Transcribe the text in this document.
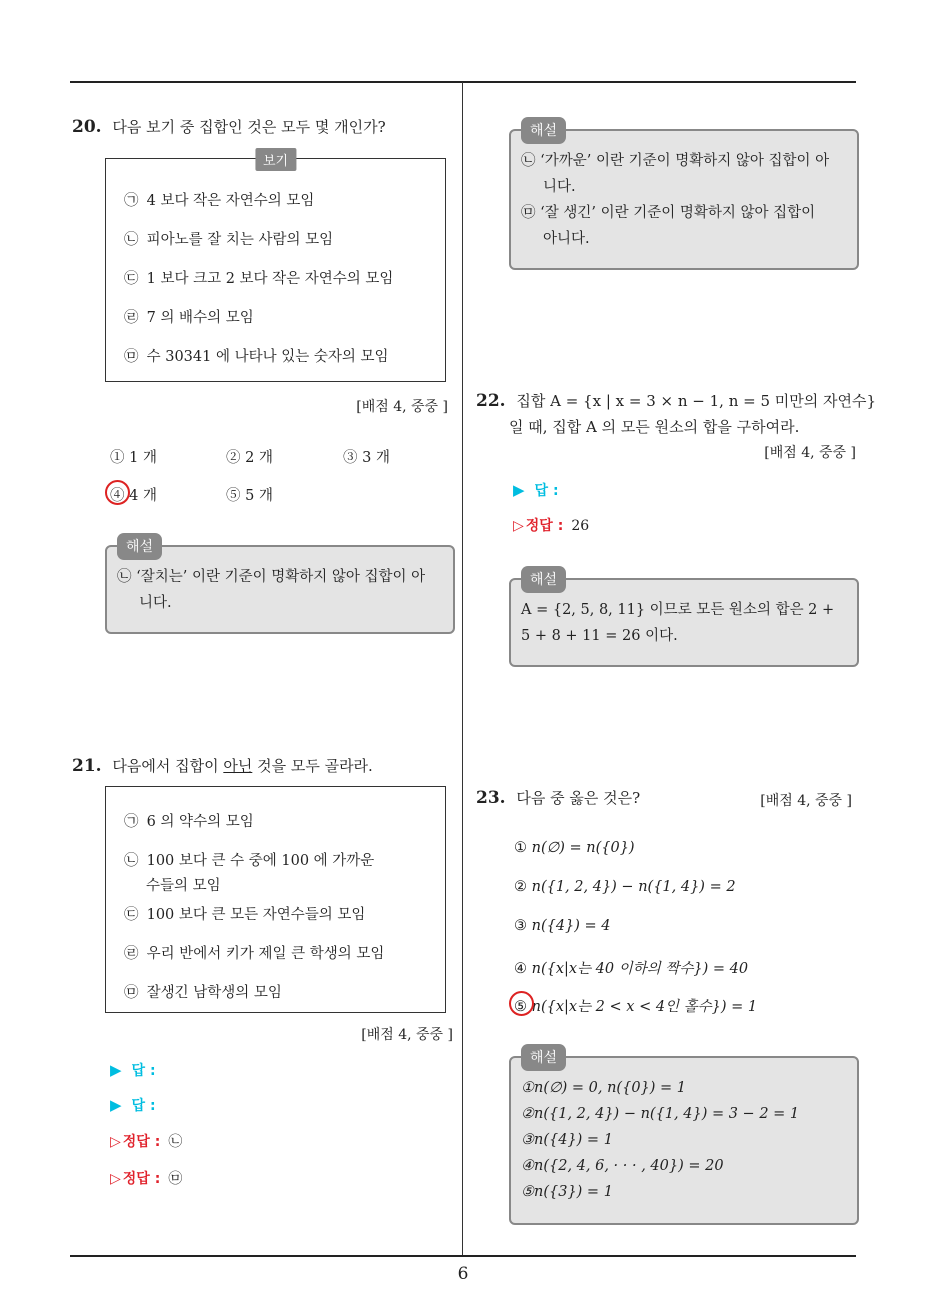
6
20. 다음 보기 중 집합인 것은 모두 몇 개인가?
보기
㉠ 4 보다 작은 자연수의 모임
㉡ 피아노를 잘 치는 사람의 모임
㉢ 1 보다 크고 2 보다 작은 자연수의 모임
㉣ 7 의 배수의 모임
㉤ 수 30341 에 나타나 있는 숫자의 모임
[배점 4, 중중 ]
① 1 개	② 2 개	③ 3 개
④ 4 개	⑤ 5 개
해설
㉡ ‘잘치는’ 이란 기준이 명확하지 않아 집합이 아
니다.
해설
㉡ ‘가까운’ 이란 기준이 명확하지 않아 집합이 아
니다.
㉤ ‘잘 생긴’ 이란 기준이 명확하지 않아 집합이
아니다.
21. 다음에서 집합이 아닌 것을 모두 골라라.
㉠ 6 의 약수의 모임
㉡ 100 보다 큰 수 중에 100 에 가까운
수들의 모임
㉢ 100 보다 큰 모든 자연수들의 모임
㉣ 우리 반에서 키가 제일 큰 학생의 모임
㉤ 잘생긴 남학생의 모임
[배점 4, 중중 ]
▶ 답 :
▶ 답 :
▷ 정답 : ㉡
▷ 정답 : ㉤
22. 집합 A = {x | x = 3 × n − 1, n = 5 미만의 자연수}
일 때, 집합 A 의 모든 원소의 합을 구하여라.
[배점 4, 중중 ]
▶ 답 :
▷ 정답 : 26
해설
A = {2, 5, 8, 11} 이므로 모든 원소의 합은 2 +
5 + 8 + 11 = 26 이다.
23. 다음 중 옳은 것은?	[배점 4, 중중 ]
① n(∅) = n({0})
② n({1, 2, 4}) − n({1, 4}) = 2
③ n({4}) = 4
④ n({x|x는 40 이하의 짝수}) = 40
⑤ n({x|x는 2 < x < 4인 홀수}) = 1
해설
①n(∅) = 0, n({0}) = 1
②n({1, 2, 4}) − n({1, 4}) = 3 − 2 = 1
③n({4}) = 1
④n({2, 4, 6, · · · , 40}) = 20
⑤n({3}) = 1
